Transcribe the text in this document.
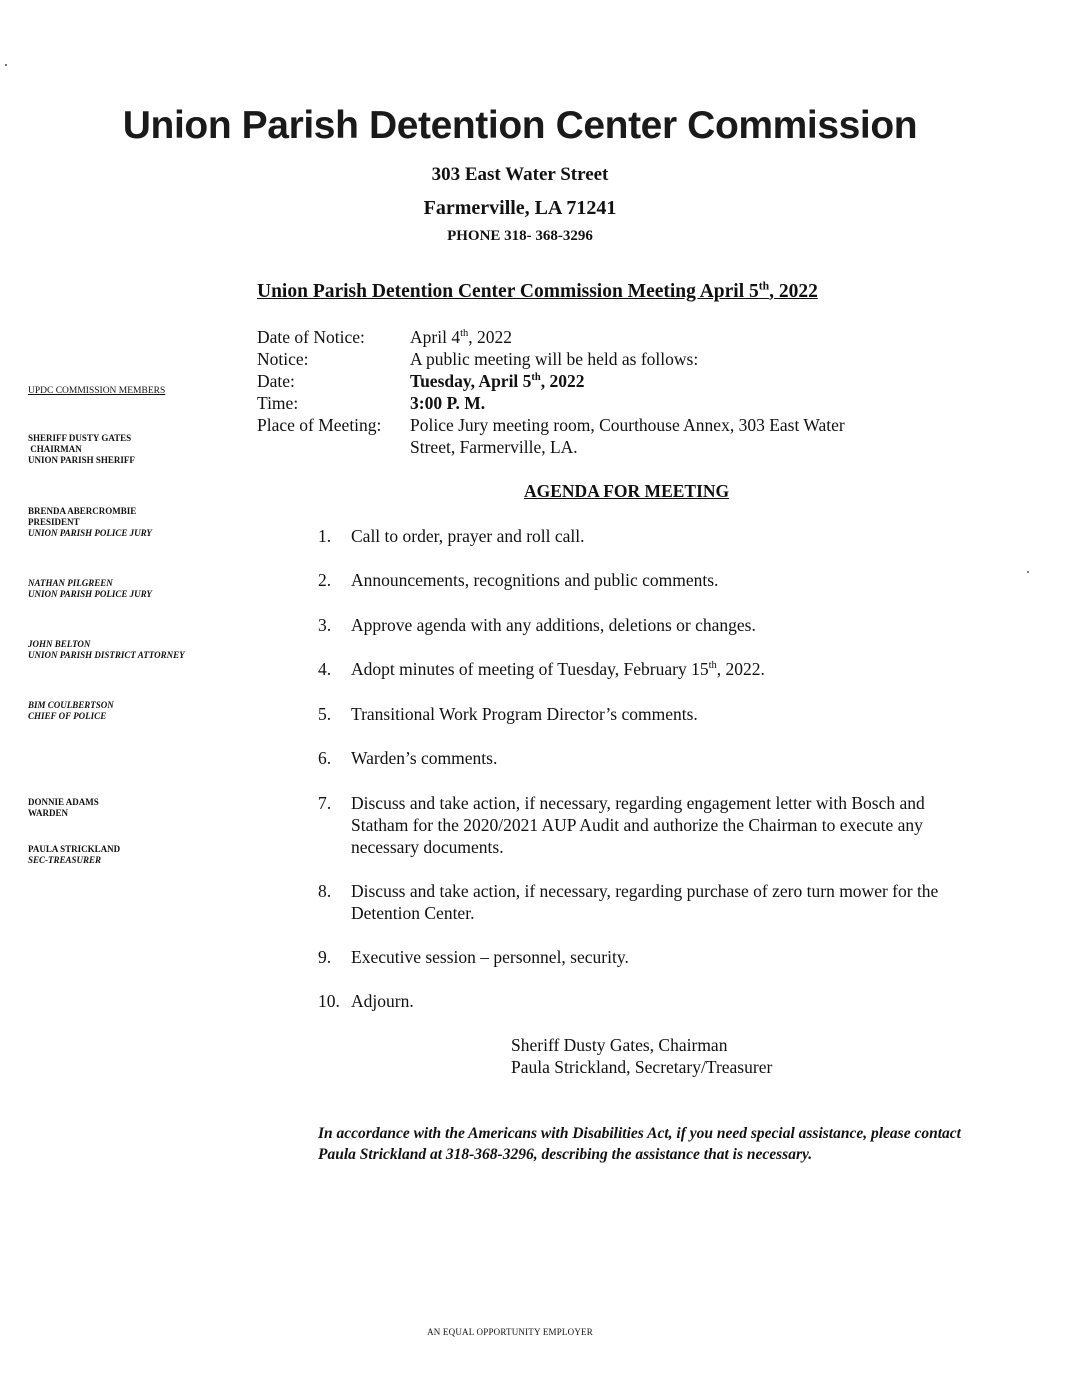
Union Parish Detention Center Commission
303 East Water Street
Farmerville, LA 71241
PHONE 318- 368-3296
Union Parish Detention Center Commission Meeting April 5th, 2022
Date of Notice:	April 4th, 2022
Notice:	A public meeting will be held as follows:
Date:	Tuesday, April 5th, 2022
Time:	3:00 P. M.
Place of Meeting: Police Jury meeting room, Courthouse Annex, 303 East Water
Street, Farmerville, LA.
UPDC COMMISSION MEMBERS
SHERIFF DUSTY GATES
CHAIRMAN
UNION PARISH SHERIFF
BRENDA ABERCROMBIE
PRESIDENT
UNION PARISH POLICE JURY
NATHAN PILGREEN
UNION PARISH POLICE JURY
JOHN BELTON
UNION PARISH DISTRICT ATTORNEY
BIM COULBERTSON
CHIEF OF POLICE
DONNIE ADAMS
WARDEN
PAULA STRICKLAND
SEC-TREASURER
AGENDA FOR MEETING
1.	Call to order, prayer and roll call.
2.	Announcements, recognitions and public comments.
3.	Approve agenda with any additions, deletions or changes.
4.	Adopt minutes of meeting of Tuesday, February 15th, 2022.
5.	Transitional Work Program Director’s comments.
6.	Warden’s comments.
7.	Discuss and take action, if necessary, regarding engagement letter with Bosch and Statham for the 2020/2021 AUP Audit and authorize the Chairman to execute any necessary documents.
8.	Discuss and take action, if necessary, regarding purchase of zero turn mower for the Detention Center.
9.	Executive session – personnel, security.
10. Adjourn.
Sheriff Dusty Gates, Chairman
Paula Strickland, Secretary/Treasurer
In accordance with the Americans with Disabilities Act, if you need special assistance, please contact Paula Strickland at 318-368-3296, describing the assistance that is necessary.
AN EQUAL OPPORTUNITY EMPLOYER
